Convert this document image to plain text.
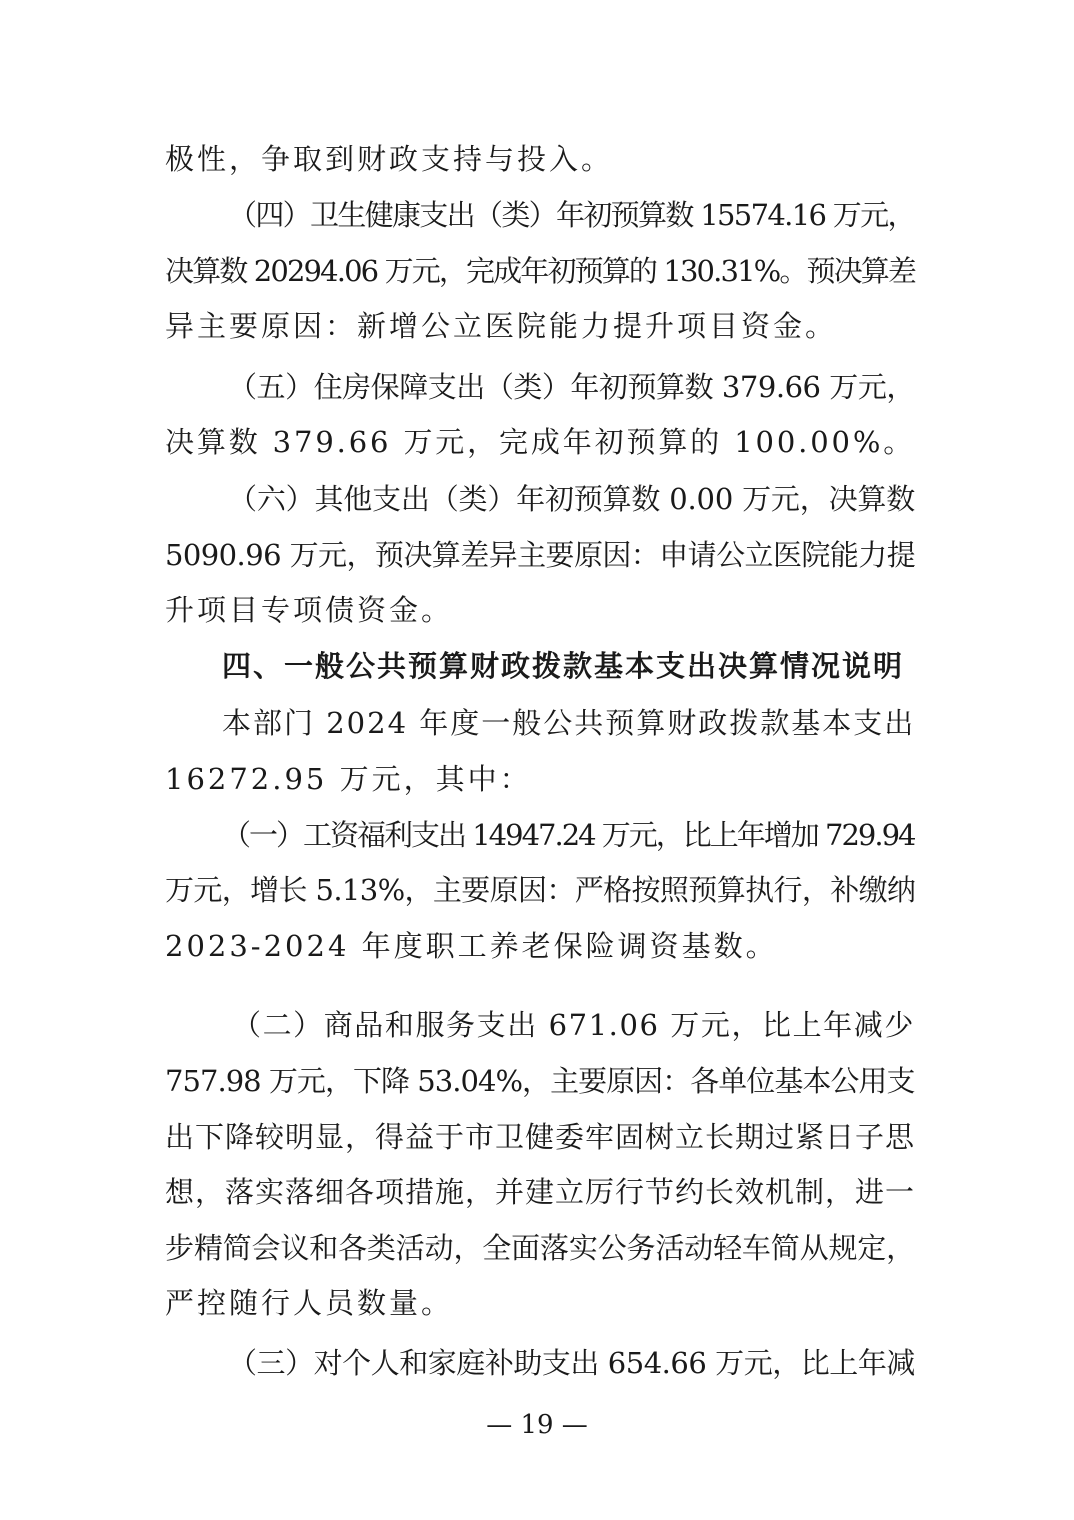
极性，争取到财政支持与投入。
（四）卫生健康支出（类）年初预算数 15574.16 万元，
决算数 20294.06 万元，完成年初预算的 130.31%。预决算差
异主要原因：新增公立医院能力提升项目资金。
（五）住房保障支出（类）年初预算数 379.66 万元，
决算数 379.66 万元，完成年初预算的 100.00%。
（六）其他支出（类）年初预算数 0.00 万元，决算数
5090.96 万元，预决算差异主要原因：申请公立医院能力提
升项目专项债资金。
四、一般公共预算财政拨款基本支出决算情况说明
本部门 2024 年度一般公共预算财政拨款基本支出
16272.95 万元，其中：
（一）工资福利支出 14947.24 万元，比上年增加 729.94
万元，增长 5.13%，主要原因：严格按照预算执行，补缴纳
2023-2024 年度职工养老保险调资基数。
（二）商品和服务支出 671.06 万元，比上年减少
757.98 万元，下降 53.04%，主要原因：各单位基本公用支
出下降较明显，得益于市卫健委牢固树立长期过紧日子思
想，落实落细各项措施，并建立厉行节约长效机制，进一
步精简会议和各类活动，全面落实公务活动轻车简从规定，
严控随行人员数量。
（三）对个人和家庭补助支出 654.66 万元，比上年减
— 19 —
